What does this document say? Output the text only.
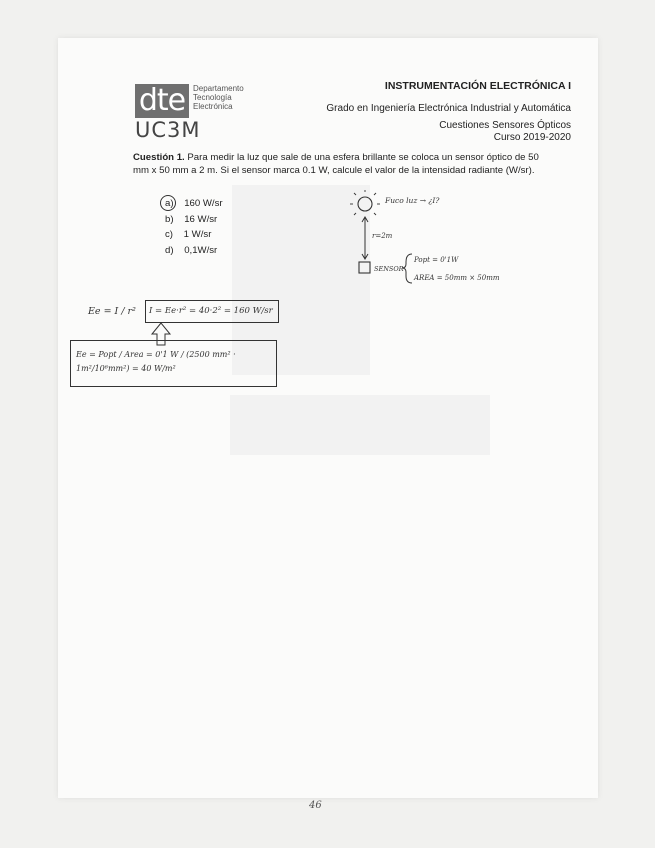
dte Departamento
Tecnología
Electrónica
UC3M
INSTRUMENTACIÓN ELECTRÓNICA I
Grado en Ingeniería Electrónica Industrial y Automática
Cuestiones Sensores Ópticos
Curso 2019-2020
Cuestión 1. Para medir la luz que sale de una esfera brillante se coloca un sensor óptico de 50 mm x 50 mm a 2 m. Si el sensor marca 0.1 W, calcule el valor de la intensidad radiante (W/sr).
a) 160 W/sr
b) 16 W/sr
c) 1 W/sr
d) 0,1W/sr
Fuco luz → ¿I?
r=2m
SENSOR
Popt = 0'1W
AREA = 50mm × 50mm
Ee = I / r² I = Ee·r² = 40·2² = 160 W/sr
Ee = Popt / Area = 0'1 W / (2500 mm² · 1m²/10⁶mm²) = 40 W/m²
46
